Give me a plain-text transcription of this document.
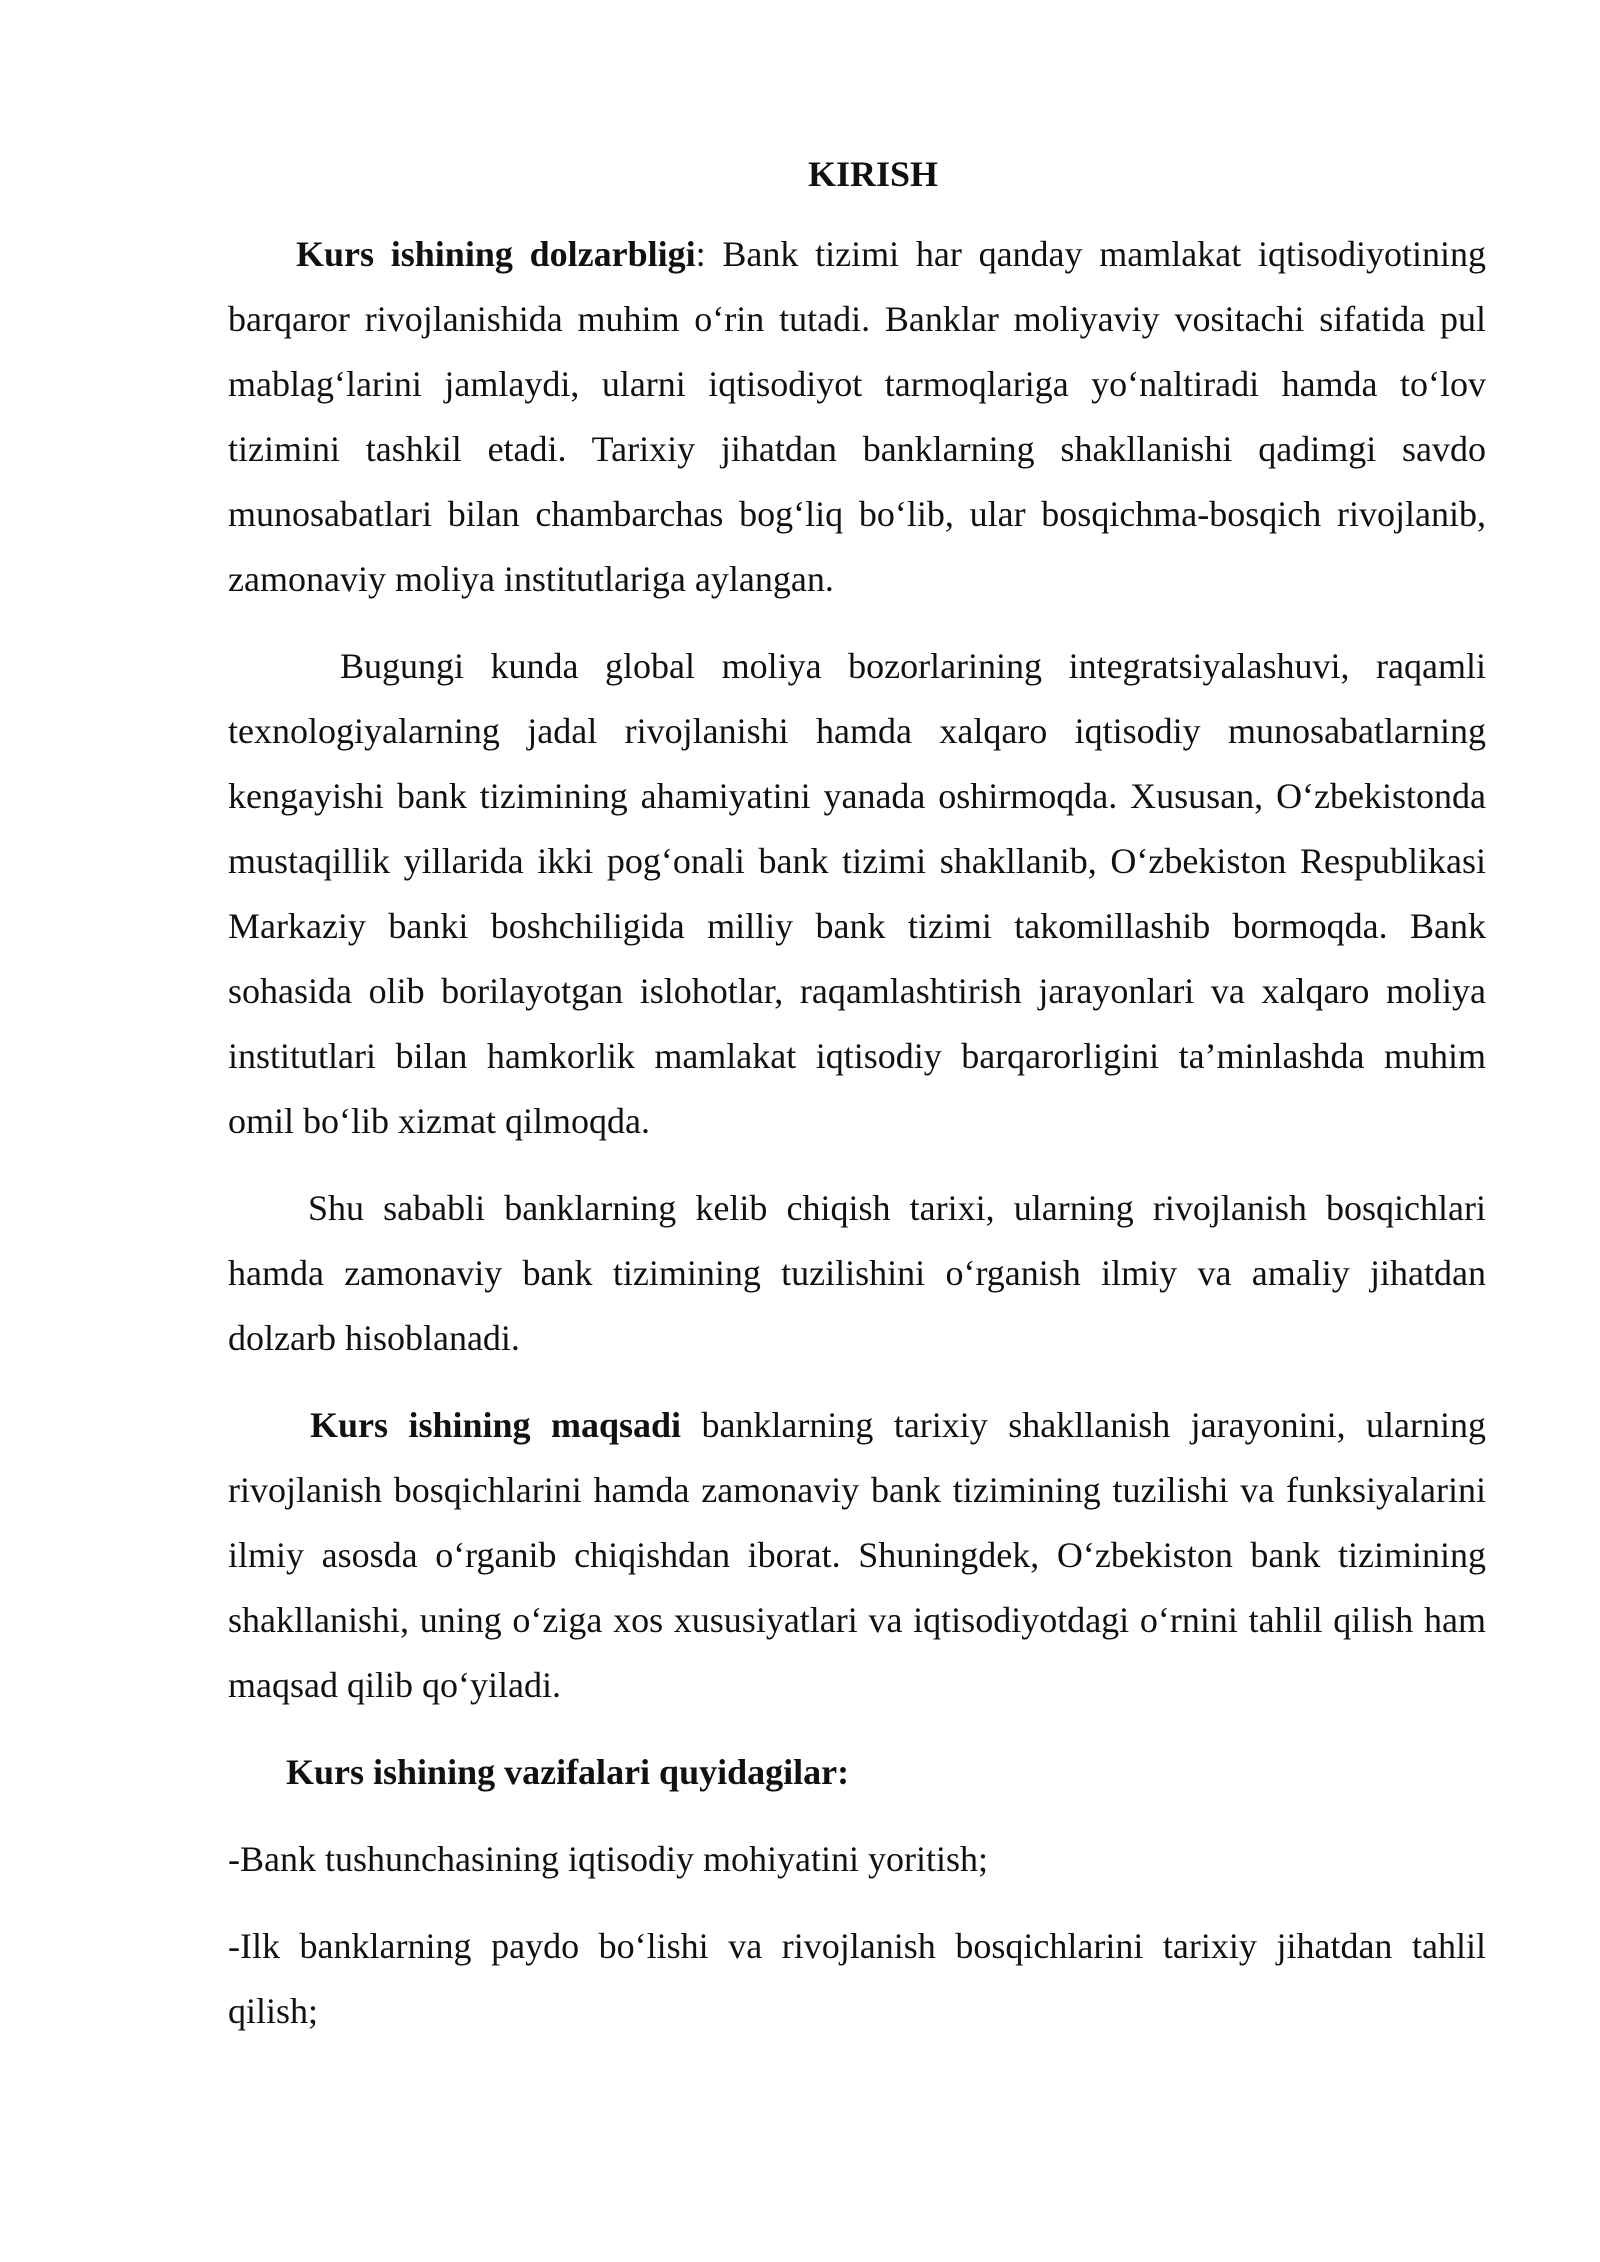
KIRISH

Kurs ishining dolzarbligi: Bank tizimi har qanday mamlakat iqtisodiyotining barqaror rivojlanishida muhim o‘rin tutadi. Banklar moliyaviy vositachi sifatida pul mablag‘larini jamlaydi, ularni iqtisodiyot tarmoqlariga yo‘naltiradi hamda to‘lov tizimini tashkil etadi. Tarixiy jihatdan banklarning shakllanishi qadimgi savdo munosabatlari bilan chambarchas bog‘liq bo‘lib, ular bosqichma-bosqich rivojlanib, zamonaviy moliya institutlariga aylangan.

Bugungi kunda global moliya bozorlarining integratsiyalashuvi, raqamli texnologiyalarning jadal rivojlanishi hamda xalqaro iqtisodiy munosabatlarning kengayishi bank tizimining ahamiyatini yanada oshirmoqda. Xususan, O‘zbekistonda mustaqillik yillarida ikki pog‘onali bank tizimi shakllanib, O‘zbekiston Respublikasi Markaziy banki boshchiligida milliy bank tizimi takomillashib bormoqda. Bank sohasida olib borilayotgan islohotlar, raqamlashtirish jarayonlari va xalqaro moliya institutlari bilan hamkorlik mamlakat iqtisodiy barqarorligini ta’minlashda muhim omil bo‘lib xizmat qilmoqda.

Shu sababli banklarning kelib chiqish tarixi, ularning rivojlanish bosqichlari hamda zamonaviy bank tizimining tuzilishini o‘rganish ilmiy va amaliy jihatdan dolzarb hisoblanadi.

Kurs ishining maqsadi banklarning tarixiy shakllanish jarayonini, ularning rivojlanish bosqichlarini hamda zamonaviy bank tizimining tuzilishi va funksiyalarini ilmiy asosda o‘rganib chiqishdan iborat. Shuningdek, O‘zbekiston bank tizimining shakllanishi, uning o‘ziga xos xususiyatlari va iqtisodiyotdagi o‘rnini tahlil qilish ham maqsad qilib qo‘yiladi.

Kurs ishining vazifalari quyidagilar:

-Bank tushunchasining iqtisodiy mohiyatini yoritish;

-Ilk banklarning paydo bo‘lishi va rivojlanish bosqichlarini tarixiy jihatdan tahlil qilish;
